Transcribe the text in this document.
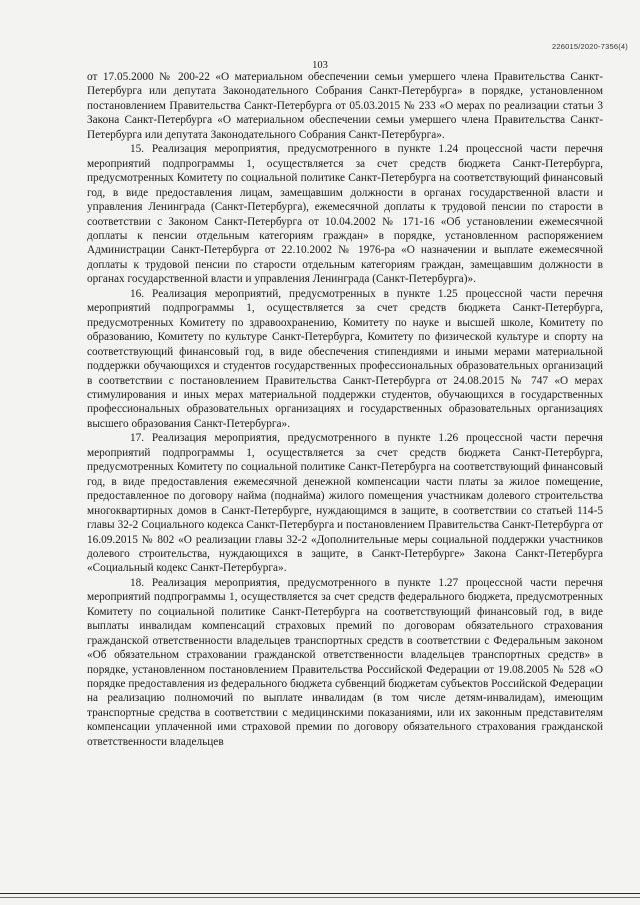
226015/2020-7356(4)
103

от 17.05.2000 № 200-22 «О материальном обеспечении семьи умершего члена Правительства Санкт-Петербурга или депутата Законодательного Собрания Санкт-Петербурга» в порядке, установленном постановлением Правительства Санкт-Петербурга от 05.03.2015 № 233 «О мерах по реализации статьи 3 Закона Санкт-Петербурга «О материальном обеспечении семьи умершего члена Правительства Санкт-Петербурга или депутата Законодательного Собрания Санкт-Петербурга».

15. Реализация мероприятия, предусмотренного в пункте 1.24 процессной части перечня мероприятий подпрограммы 1, осуществляется за счет средств бюджета Санкт-Петербурга, предусмотренных Комитету по социальной политике Санкт-Петербурга на соответствующий финансовый год, в виде предоставления лицам, замещавшим должности в органах государственной власти и управления Ленинграда (Санкт-Петербурга), ежемесячной доплаты к трудовой пенсии по старости в соответствии с Законом Санкт-Петербурга от 10.04.2002 № 171-16 «Об установлении ежемесячной доплаты к пенсии отдельным категориям граждан» в порядке, установленном распоряжением Администрации Санкт-Петербурга от 22.10.2002 № 1976-ра «О назначении и выплате ежемесячной доплаты к трудовой пенсии по старости отдельным категориям граждан, замещавшим должности в органах государственной власти и управления Ленинграда (Санкт-Петербурга)».

16. Реализация мероприятий, предусмотренных в пункте 1.25 процессной части перечня мероприятий подпрограммы 1, осуществляется за счет средств бюджета Санкт-Петербурга, предусмотренных Комитету по здравоохранению, Комитету по науке и высшей школе, Комитету по образованию, Комитету по культуре Санкт-Петербурга, Комитету по физической культуре и спорту на соответствующий финансовый год, в виде обеспечения стипендиями и иными мерами материальной поддержки обучающихся и студентов государственных профессиональных образовательных организаций в соответствии с постановлением Правительства Санкт-Петербурга от 24.08.2015 № 747 «О мерах стимулирования и иных мерах материальной поддержки студентов, обучающихся в государственных профессиональных образовательных организациях и государственных образовательных организациях высшего образования Санкт-Петербурга».

17. Реализация мероприятия, предусмотренного в пункте 1.26 процессной части перечня мероприятий подпрограммы 1, осуществляется за счет средств бюджета Санкт-Петербурга, предусмотренных Комитету по социальной политике Санкт-Петербурга на соответствующий финансовый год, в виде предоставления ежемесячной денежной компенсации части платы за жилое помещение, предоставленное по договору найма (поднайма) жилого помещения участникам долевого строительства многоквартирных домов в Санкт-Петербурге, нуждающимся в защите, в соответствии со статьей 114-5 главы 32-2 Социального кодекса Санкт-Петербурга и постановлением Правительства Санкт-Петербурга от 16.09.2015 № 802 «О реализации главы 32-2 «Дополнительные меры социальной поддержки участников долевого строительства, нуждающихся в защите, в Санкт-Петербурге» Закона Санкт-Петербурга «Социальный кодекс Санкт-Петербурга».

18. Реализация мероприятия, предусмотренного в пункте 1.27 процессной части перечня мероприятий подпрограммы 1, осуществляется за счет средств федерального бюджета, предусмотренных Комитету по социальной политике Санкт-Петербурга на соответствующий финансовый год, в виде выплаты инвалидам компенсаций страховых премий по договорам обязательного страхования гражданской ответственности владельцев транспортных средств в соответствии с Федеральным законом «Об обязательном страховании гражданской ответственности владельцев транспортных средств» в порядке, установленном постановлением Правительства Российской Федерации от 19.08.2005 № 528 «О порядке предоставления из федерального бюджета субвенций бюджетам субъектов Российской Федерации на реализацию полномочий по выплате инвалидам (в том числе детям-инвалидам), имеющим транспортные средства в соответствии с медицинскими показаниями, или их законным представителям компенсации уплаченной ими страховой премии по договору обязательного страхования гражданской ответственности владельцев
